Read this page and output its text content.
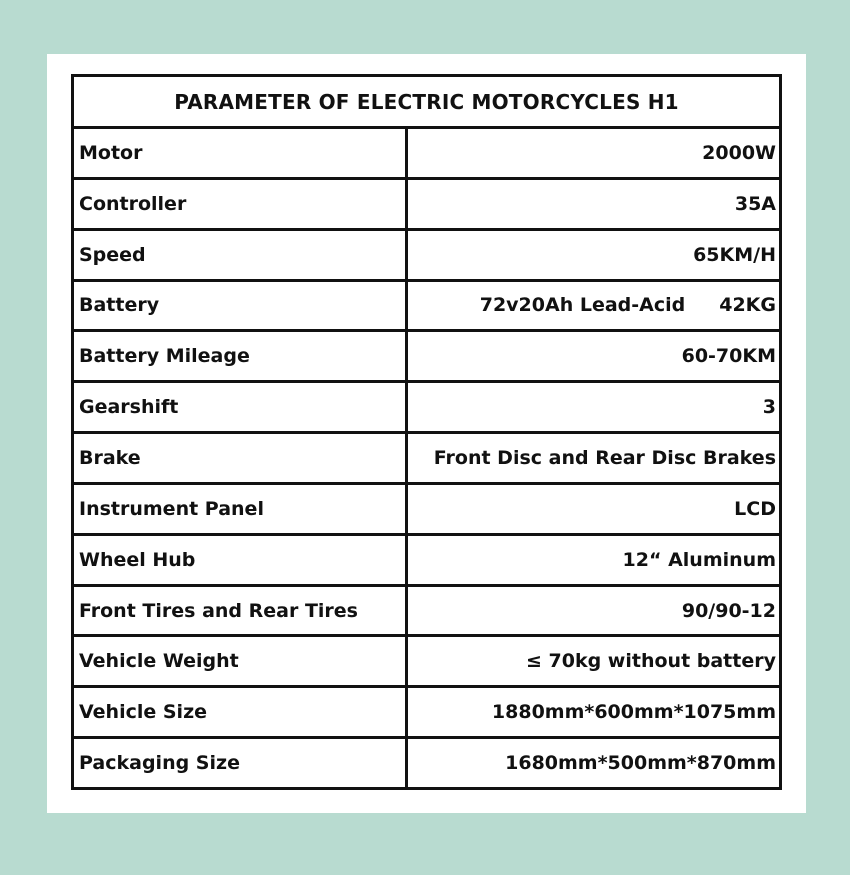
PARAMETER OF ELECTRIC MOTORCYCLES H1
Motor	2000W
Controller	35A
Speed	65KM/H
Battery	72v20Ah Lead-Acid 42KG
Battery Mileage	60-70KM
Gearshift	3
Brake	Front Disc and Rear Disc Brakes
Instrument Panel	LCD
Wheel Hub	12“ Aluminum
Front Tires and Rear Tires	90/90-12
Vehicle Weight	≤ 70kg without battery
Vehicle Size	1880mm*600mm*1075mm
Packaging Size	1680mm*500mm*870mm
